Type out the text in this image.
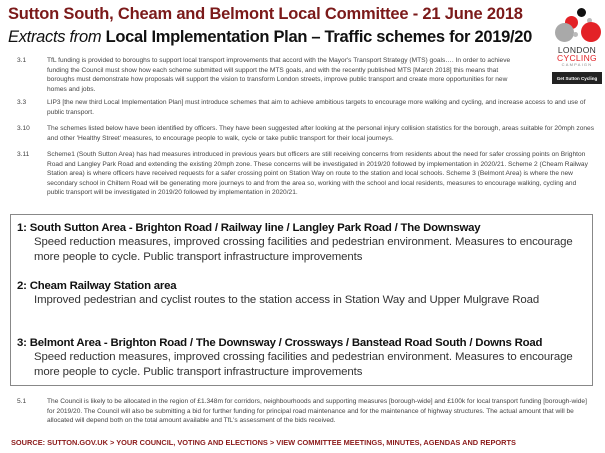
Sutton South, Cheam and Belmont Local Committee - 21 June 2018
Extracts from Local Implementation Plan – Traffic schemes for 2019/20
LONDON
CYCLING
CAMPAIGN
Get Sutton Cycling
3.1	TfL funding is provided to boroughs to support local transport improvements that accord with the Mayor's Transport Strategy (MTS) goals…. In order to achieve funding the Council must show how each scheme submitted will support the MTS goals, and with the recently published MTS [March 2018] this means that boroughs must demonstrate how proposals will support the vision to transform London streets, improve public transport and create more opportunities for new homes and jobs.
3.3	LIP3 [the new third Local Implementation Plan] must introduce schemes that aim to achieve ambitious targets to encourage more walking and cycling, and increase access to and use of public transport.
3.10	The schemes listed below have been identified by officers. They have been suggested after looking at the personal injury collision statistics for the borough, areas suitable for 20mph zones and other 'Healthy Street' measures, to encourage people to walk, cycle or take public transport for their local journeys.
3.11	Scheme1 (South Sutton Area) has had measures introduced in previous years but officers are still receiving concerns from residents about the need for safer crossing points on Brighton Road and Langley Park Road and extending the existing 20mph zone. These concerns will be investigated in 2019/20 followed by implementation in 2020/21. Scheme 2 (Cheam Railway Station area) is where officers have received requests for a safer crossing point on Station Way on route to the station and local schools. Scheme 3 (Belmont Area) is where the new secondary school in Chiltern Road will be generating more journeys to and from the area so, working with the school and local residents, measures to encourage walking, cycling and public transport will be investigated in 2019/20 followed by implementation in 2020/21.
1: South Sutton Area - Brighton Road / Railway line / Langley Park Road / The Downsway
Speed reduction measures, improved crossing facilities and pedestrian environment. Measures to encourage more people to cycle. Public transport infrastructure improvements
2: Cheam Railway Station area
Improved pedestrian and cyclist routes to the station access in Station Way and Upper Mulgrave Road
3: Belmont Area - Brighton Road / The Downsway / Crossways / Banstead Road South / Downs Road
Speed reduction measures, improved crossing facilities and pedestrian environment. Measures to encourage more people to cycle. Public transport infrastructure improvements
5.1	The Council is likely to be allocated in the region of £1.348m for corridors, neighbourhoods and supporting measures [borough-wide] and £100k for local transport funding [borough-wide] for 2019/20. The Council will also be submitting a bid for further funding for principal road maintenance and for the maintenance of highway structures. The actual amount that will be allocated will depend both on the total amount available and TfL's assessment of the bids received.
SOURCE: SUTTON.GOV.UK > YOUR COUNCIL, VOTING AND ELECTIONS > VIEW COMMITTEE MEETINGS, MINUTES, AGENDAS AND REPORTS
